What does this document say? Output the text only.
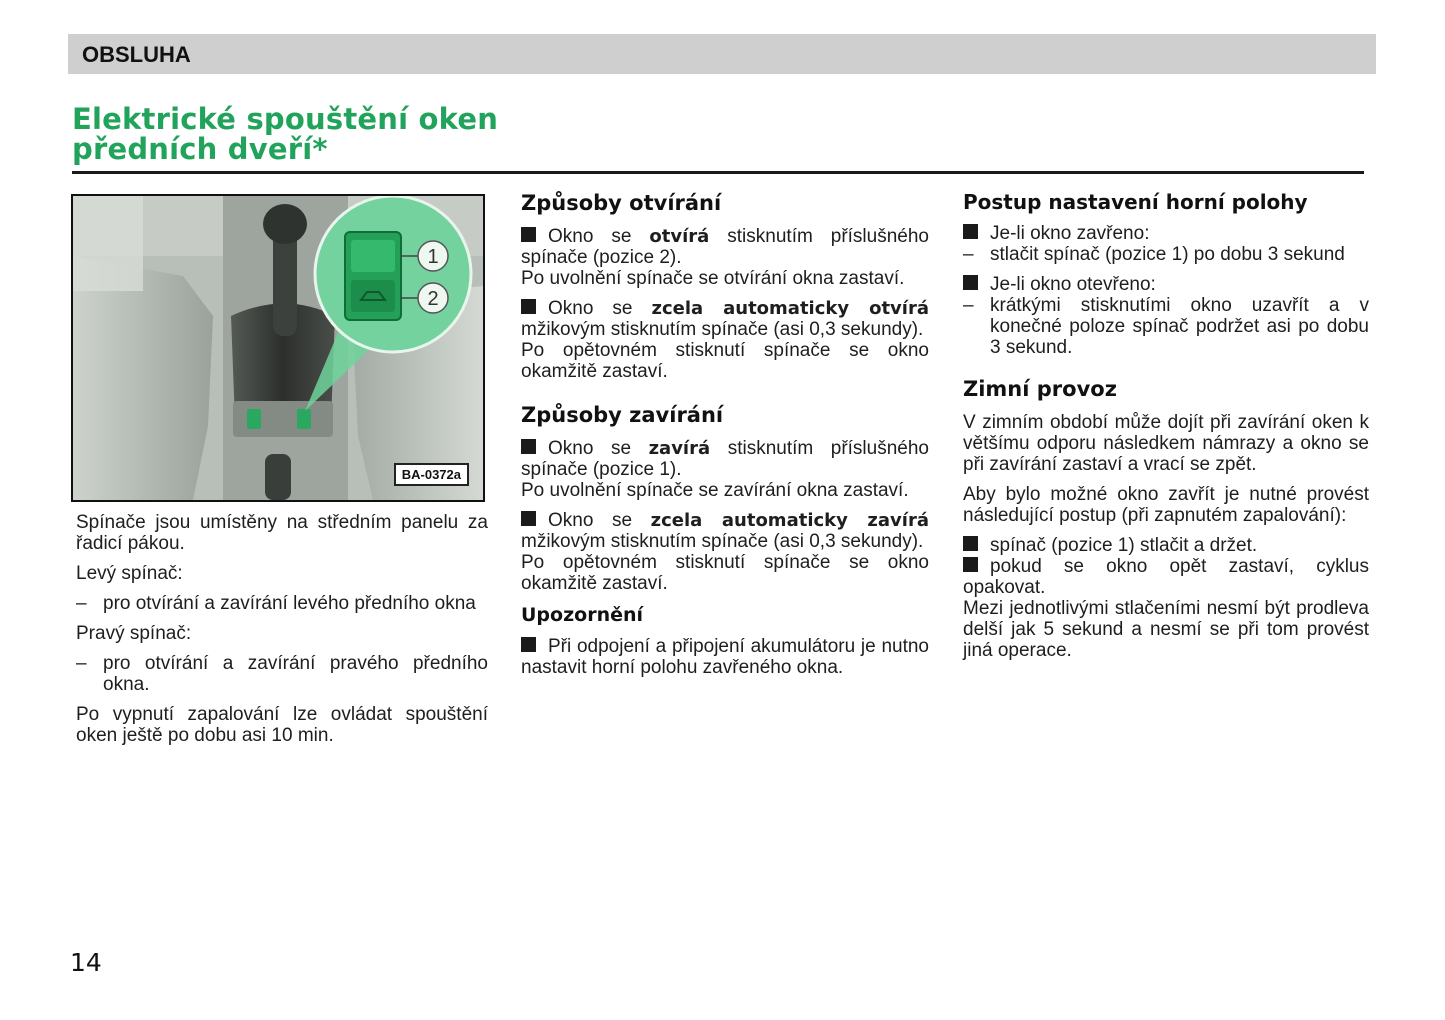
OBSLUHA
Elektrické spouštění oken
předních dveří*
1
2
BA-0372a

Spínače jsou umístěny na středním panelu za řadicí pákou.

Levý spínač:

– pro otvírání a zavírání levého předního okna

Pravý spínač:

– pro otvírání a zavírání pravého předního okna.

Po vypnutí zapalování lze ovládat spouštění oken ještě po dobu asi 10 min.

Způsoby otvírání

Okno se otvírá stisknutím příslušného spínače (pozice 2).

Po uvolnění spínače se otvírání okna zastaví.

Okno se zcela automaticky otvírá mžikovým stisknutím spínače (asi 0,3 sekundy).

Po opětovném stisknutí spínače se okno okamžitě zastaví.

Způsoby zavírání

Okno se zavírá stisknutím příslušného spínače (pozice 1).

Po uvolnění spínače se zavírání okna zastaví.

Okno se zcela automaticky zavírá mžikovým stisknutím spínače (asi 0,3 sekundy).

Po opětovném stisknutí spínače se okno okamžitě zastaví.

Upozornění

Při odpojení a připojení akumulátoru je nutno nastavit horní polohu zavřeného okna.

Postup nastavení horní polohy

Je-li okno zavřeno:

– stlačit spínač (pozice 1) po dobu 3 sekund

Je-li okno otevřeno:

– krátkými stisknutími okno uzavřít a v konečné poloze spínač podržet asi po dobu 3 sekund.
Zimní provoz

V zimním období může dojít při zavírání oken k většímu odporu následkem námrazy a okno se při zavírání zastaví a vrací se zpět.

Aby bylo možné okno zavřít je nutné provést následující postup (při zapnutém zapalování):

spínač (pozice 1) stlačit a držet.

pokud se okno opět zastaví, cyklus opakovat.

Mezi jednotlivými stlačeními nesmí být prodleva delší jak 5 sekund a nesmí se při tom provést jiná operace.

14
